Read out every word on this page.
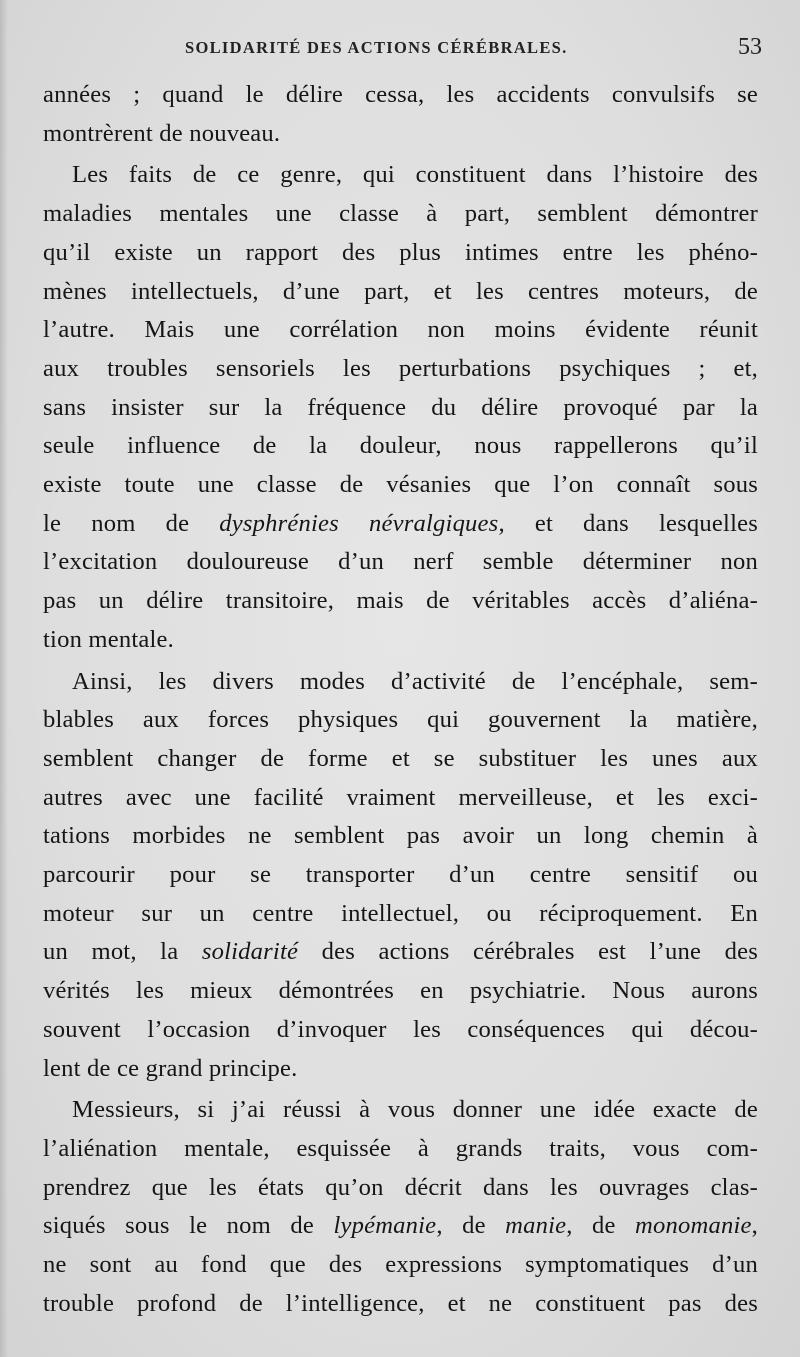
SOLIDARITÉ DES ACTIONS CÉRÉBRALES.	53
années ; quand le délire cessa, les accidents convulsifs se
montrèrent de nouveau.
Les faits de ce genre, qui constituent dans l’histoire des
maladies mentales une classe à part, semblent démontrer
qu’il existe un rapport des plus intimes entre les phéno-
mènes intellectuels, d’une part, et les centres moteurs, de
l’autre. Mais une corrélation non moins évidente réunit
aux troubles sensoriels les perturbations psychiques ; et,
sans insister sur la fréquence du délire provoqué par la
seule influence de la douleur, nous rappellerons qu’il
existe toute une classe de vésanies que l’on connaît sous
le nom de dysphrénies névralgiques, et dans lesquelles
l’excitation douloureuse d’un nerf semble déterminer non
pas un délire transitoire, mais de véritables accès d’aliéna-
tion mentale.
Ainsi, les divers modes d’activité de l’encéphale, sem-
blables aux forces physiques qui gouvernent la matière,
semblent changer de forme et se substituer les unes aux
autres avec une facilité vraiment merveilleuse, et les exci-
tations morbides ne semblent pas avoir un long chemin à
parcourir pour se transporter d’un centre sensitif ou
moteur sur un centre intellectuel, ou réciproquement. En
un mot, la solidarité des actions cérébrales est l’une des
vérités les mieux démontrées en psychiatrie. Nous aurons
souvent l’occasion d’invoquer les conséquences qui décou-
lent de ce grand principe.
Messieurs, si j’ai réussi à vous donner une idée exacte de
l’aliénation mentale, esquissée à grands traits, vous com-
prendrez que les états qu’on décrit dans les ouvrages clas-
siqués sous le nom de lypémanie, de manie, de monomanie,
ne sont au fond que des expressions symptomatiques d’un
trouble profond de l’intelligence, et ne constituent pas des
